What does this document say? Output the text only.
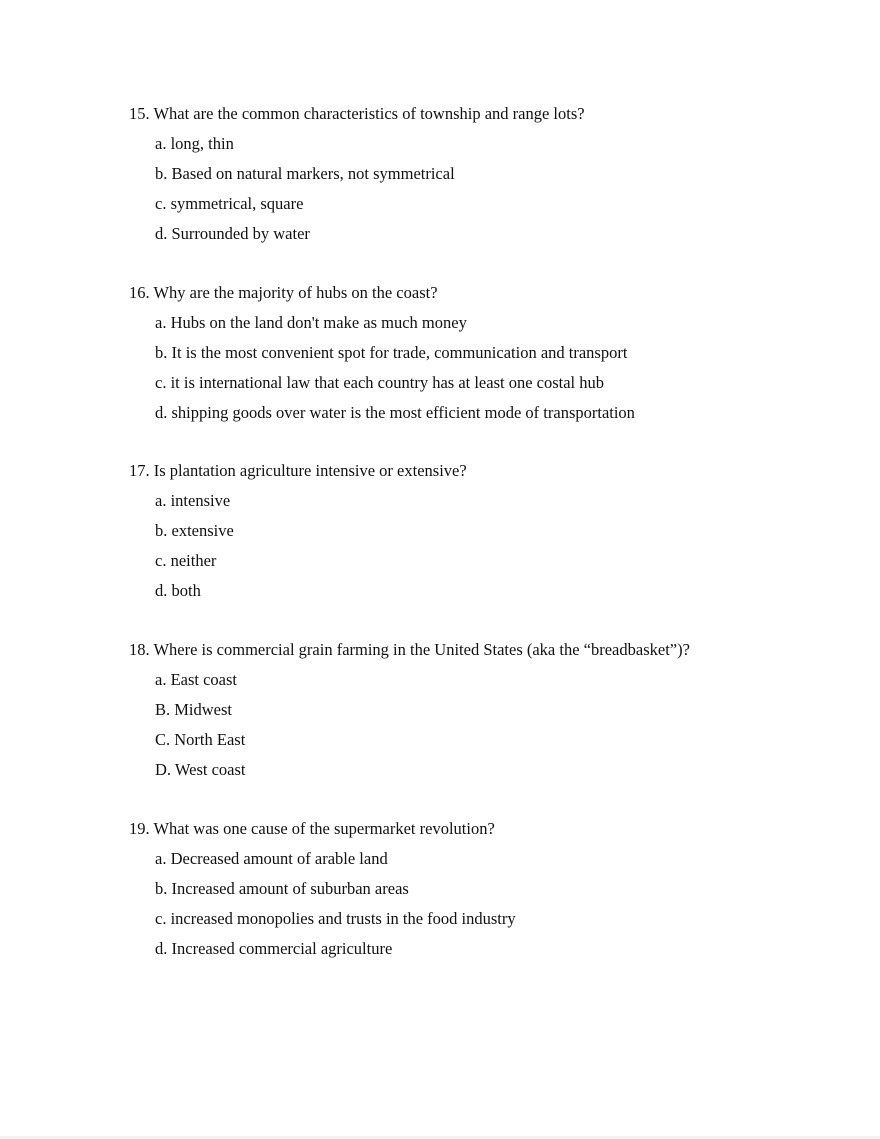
15. What are the common characteristics of township and range lots?
a. long, thin
b. Based on natural markers, not symmetrical
c. symmetrical, square
d. Surrounded by water
16. Why are the majority of hubs on the coast?
a. Hubs on the land don't make as much money
b. It is the most convenient spot for trade, communication and transport
c. it is international law that each country has at least one costal hub
d. shipping goods over water is the most efficient mode of transportation
17. Is plantation agriculture intensive or extensive?
a. intensive
b. extensive
c. neither
d. both
18. Where is commercial grain farming in the United States (aka the “breadbasket”)?
a. East coast
B. Midwest
C. North East
D. West coast
19. What was one cause of the supermarket revolution?
a. Decreased amount of arable land
b. Increased amount of suburban areas
c. increased monopolies and trusts in the food industry
d. Increased commercial agriculture
